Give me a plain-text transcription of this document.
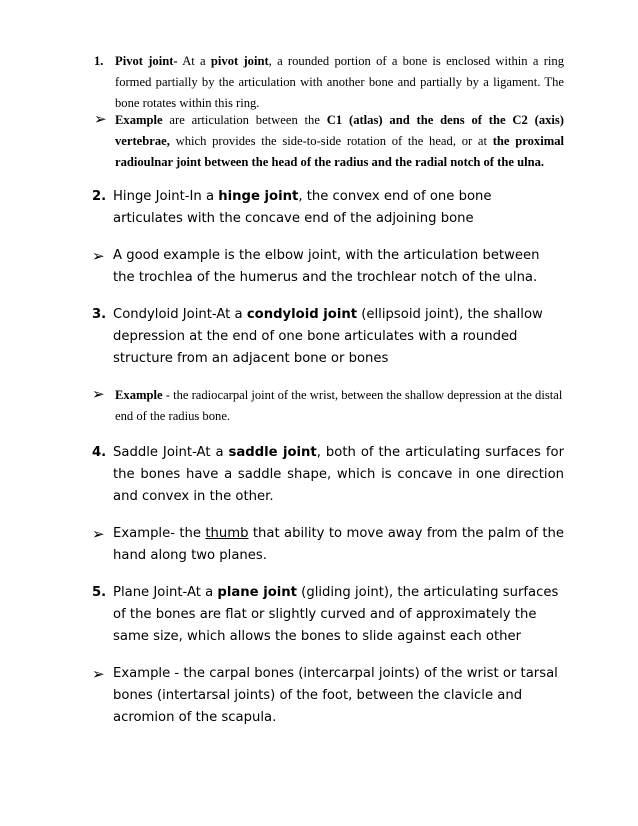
1. Pivot joint- At a pivot joint, a rounded portion of a bone is enclosed within a ring formed partially by the articulation with another bone and partially by a ligament. The bone rotates within this ring.
➢ Example are articulation between the C1 (atlas) and the dens of the C2 (axis) vertebrae, which provides the side-to-side rotation of the head, or at the proximal radioulnar joint between the head of the radius and the radial notch of the ulna.
2. Hinge Joint-In a hinge joint, the convex end of one bone articulates with the concave end of the adjoining bone
➢ A good example is the elbow joint, with the articulation between the trochlea of the humerus and the trochlear notch of the ulna.
3. Condyloid Joint-At a condyloid joint (ellipsoid joint), the shallow depression at the end of one bone articulates with a rounded structure from an adjacent bone or bones
➢ Example - the radiocarpal joint of the wrist, between the shallow depression at the distal end of the radius bone.
4. Saddle Joint-At a saddle joint, both of the articulating surfaces for the bones have a saddle shape, which is concave in one direction and convex in the other.
➢ Example- the thumb that ability to move away from the palm of the hand along two planes.
5. Plane Joint-At a plane joint (gliding joint), the articulating surfaces of the bones are flat or slightly curved and of approximately the same size, which allows the bones to slide against each other
➢ Example - the carpal bones (intercarpal joints) of the wrist or tarsal bones (intertarsal joints) of the foot, between the clavicle and acromion of the scapula.
